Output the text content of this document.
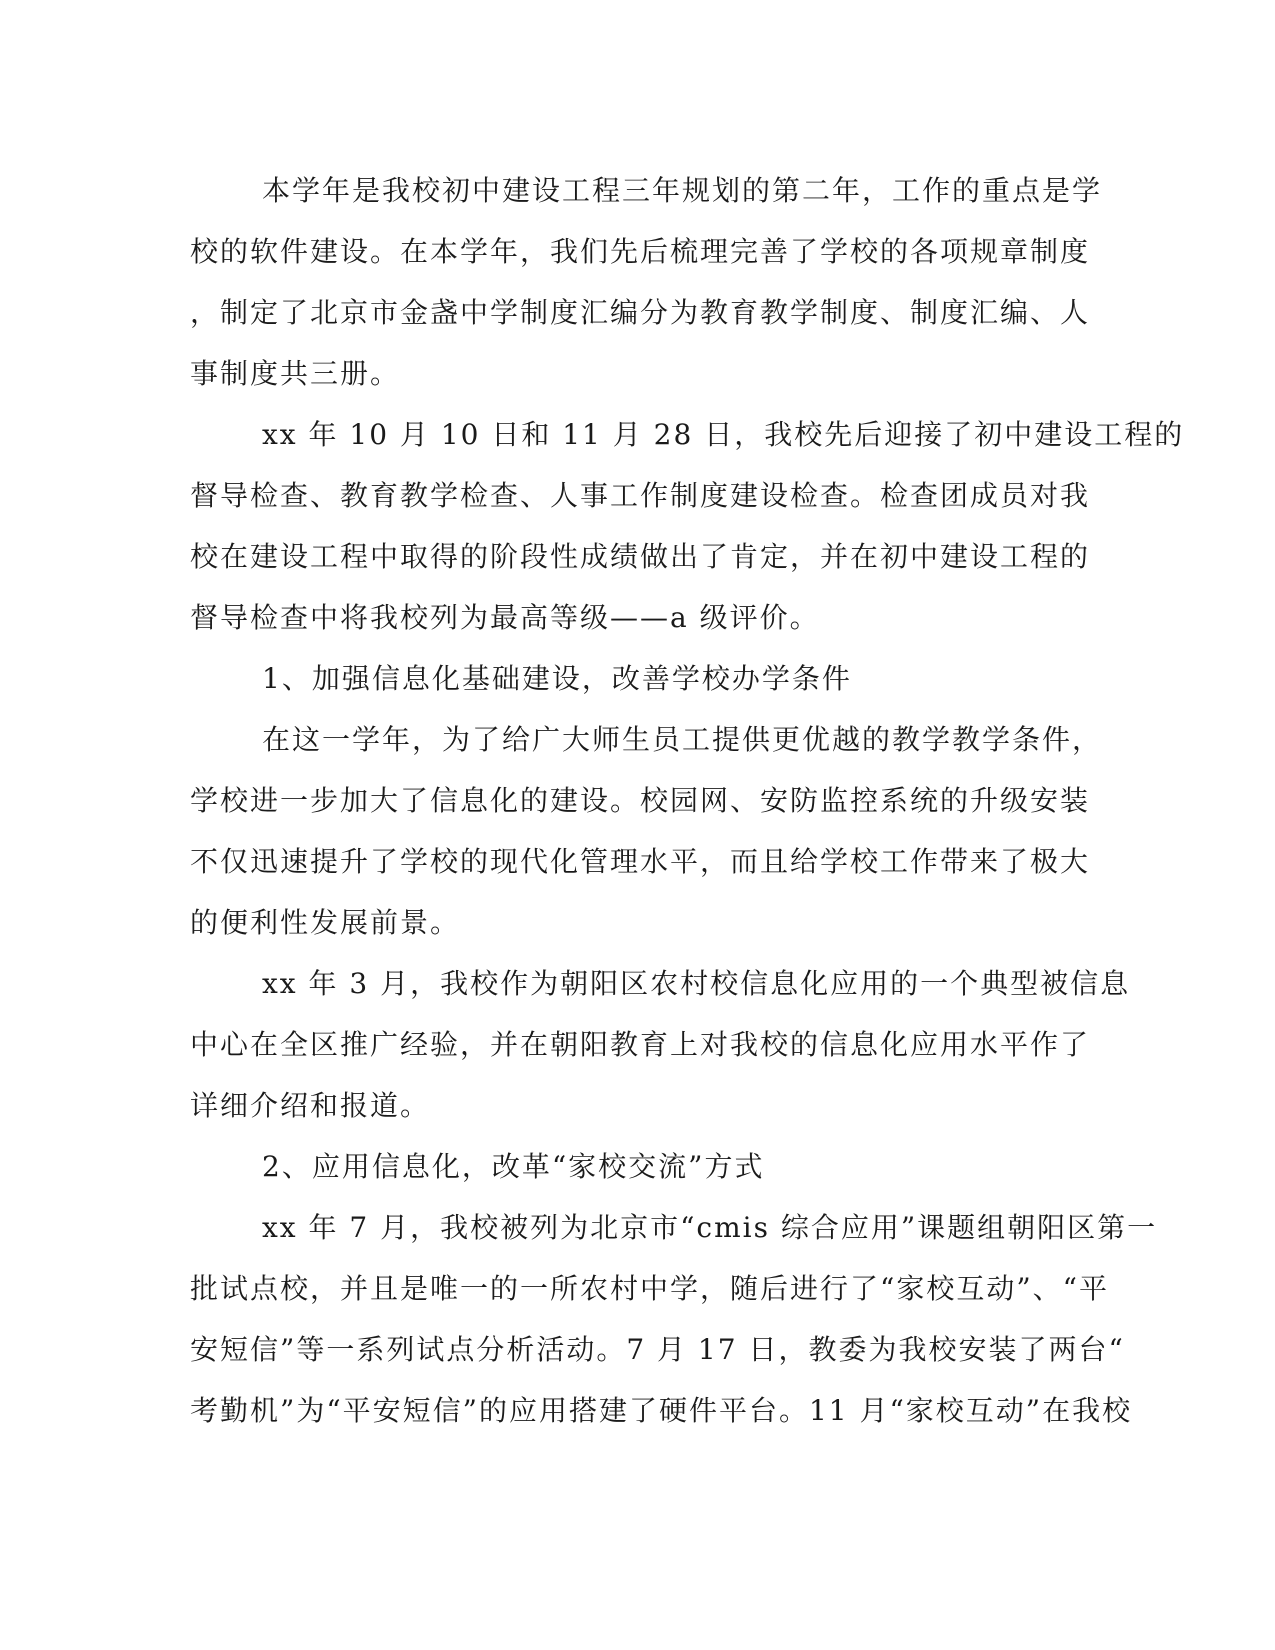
本学年是我校初中建设工程三年规划的第二年，工作的重点是学
校的软件建设。在本学年，我们先后梳理完善了学校的各项规章制度
，制定了北京市金盏中学制度汇编分为教育教学制度、制度汇编、人
事制度共三册。
xx 年 10 月 10 日和 11 月 28 日，我校先后迎接了初中建设工程的
督导检查、教育教学检查、人事工作制度建设检查。检查团成员对我
校在建设工程中取得的阶段性成绩做出了肯定，并在初中建设工程的
督导检查中将我校列为最高等级——a 级评价。
1、加强信息化基础建设，改善学校办学条件
在这一学年，为了给广大师生员工提供更优越的教学教学条件，
学校进一步加大了信息化的建设。校园网、安防监控系统的升级安装
不仅迅速提升了学校的现代化管理水平，而且给学校工作带来了极大
的便利性发展前景。
xx 年 3 月，我校作为朝阳区农村校信息化应用的一个典型被信息
中心在全区推广经验，并在朝阳教育上对我校的信息化应用水平作了
详细介绍和报道。
2、应用信息化，改革“家校交流”方式
xx 年 7 月，我校被列为北京市“cmis 综合应用”课题组朝阳区第一
批试点校，并且是唯一的一所农村中学，随后进行了“家校互动”、“平
安短信”等一系列试点分析活动。7 月 17 日，教委为我校安装了两台“
考勤机”为“平安短信”的应用搭建了硬件平台。11 月“家校互动”在我校
